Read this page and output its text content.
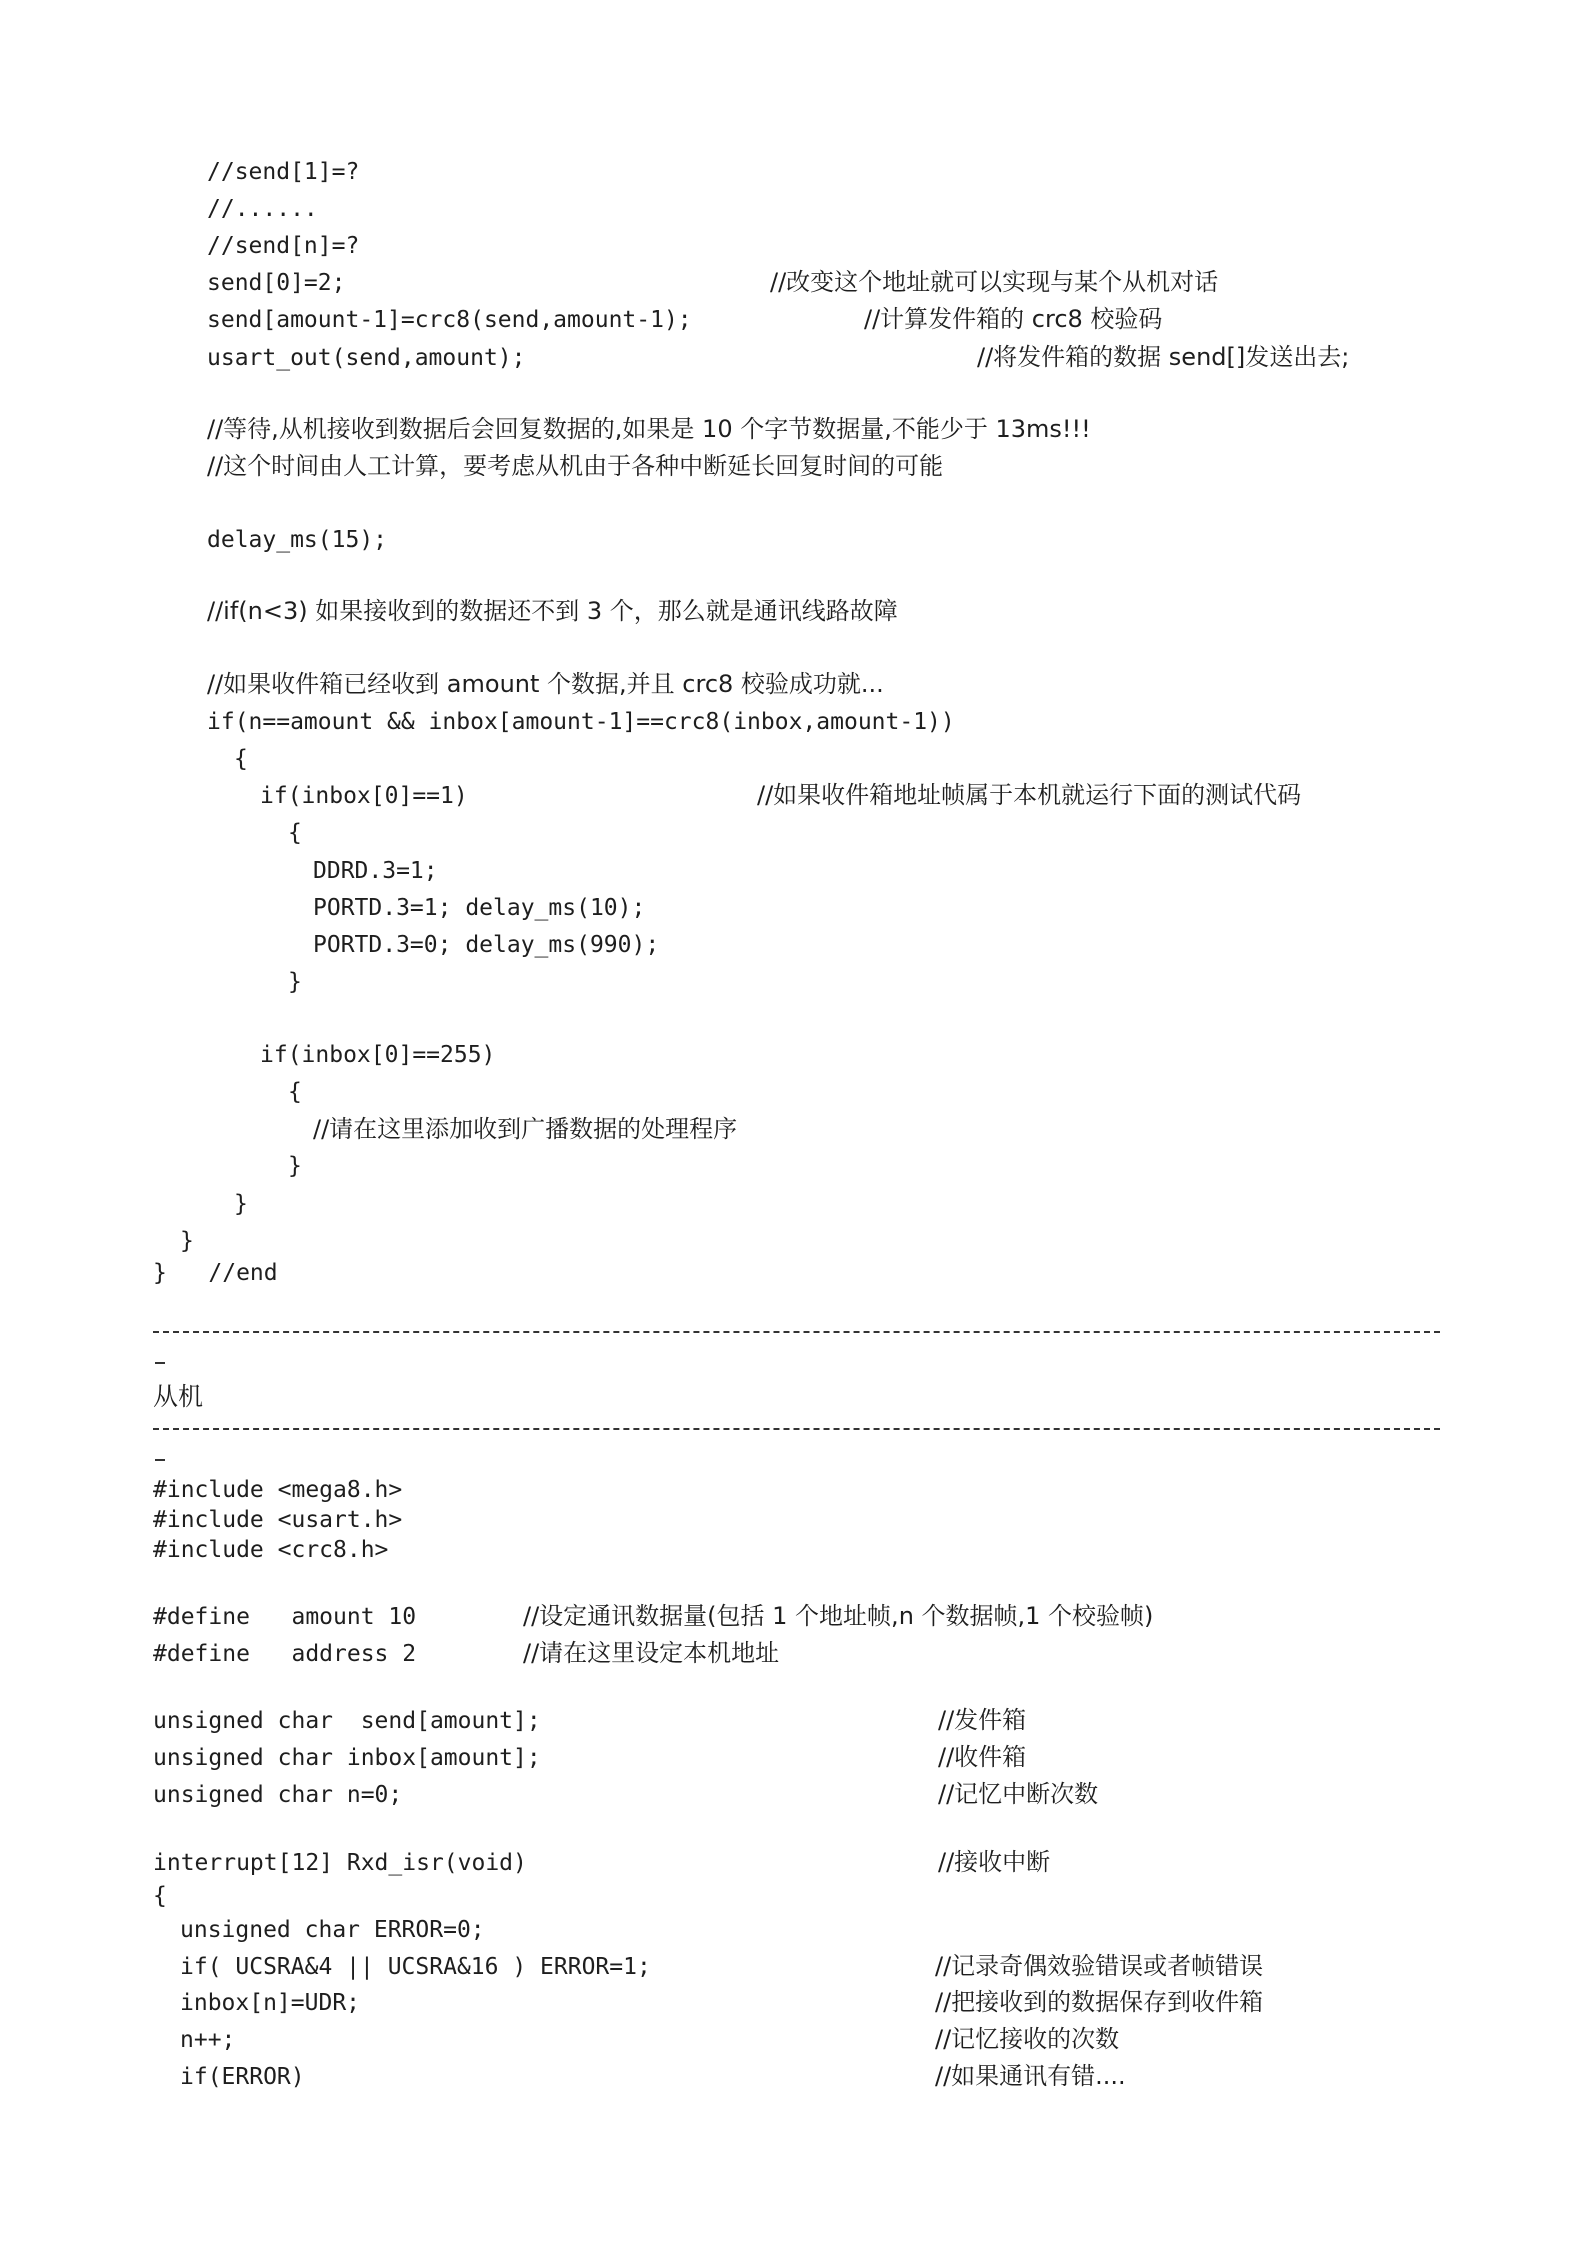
//send[1]=?
//......
//send[n]=?
send[0]=2;	//改变这个地址就可以实现与某个从机对话
send[amount-1]=crc8(send,amount-1);	//计算发件箱的 crc8 校验码
usart_out(send,amount);	//将发件箱的数据 send[]发送出去;
//等待,从机接收到数据后会回复数据的,如果是 10 个字节数据量,不能少于 13ms!!!
//这个时间由人工计算，要考虑从机由于各种中断延长回复时间的可能
delay_ms(15);
//if(n<3) 如果接收到的数据还不到 3 个，那么就是通讯线路故障
//如果收件箱已经收到 amount 个数据,并且 crc8 校验成功就...
if(n==amount && inbox[amount-1]==crc8(inbox,amount-1))
{
if(inbox[0]==1)	//如果收件箱地址帧属于本机就运行下面的测试代码
{
DDRD.3=1;
PORTD.3=1; delay_ms(10);
PORTD.3=0; delay_ms(990);
}
if(inbox[0]==255)
{
//请在这里添加收到广播数据的处理程序
}
}
}
}   //end
从机
#include <mega8.h>
#include <usart.h>
#include <crc8.h>
#define   amount 10	//设定通讯数据量(包括 1 个地址帧,n 个数据帧,1 个校验帧)
#define   address 2	//请在这里设定本机地址
unsigned char  send[amount];	//发件箱
unsigned char inbox[amount];	//收件箱
unsigned char n=0;	//记忆中断次数
interrupt[12] Rxd_isr(void)	//接收中断
{
unsigned char ERROR=0;
if( UCSRA&4 || UCSRA&16 ) ERROR=1;	//记录奇偶效验错误或者帧错误
inbox[n]=UDR;	//把接收到的数据保存到收件箱
n++;	//记忆接收的次数
if(ERROR)	//如果通讯有错....
